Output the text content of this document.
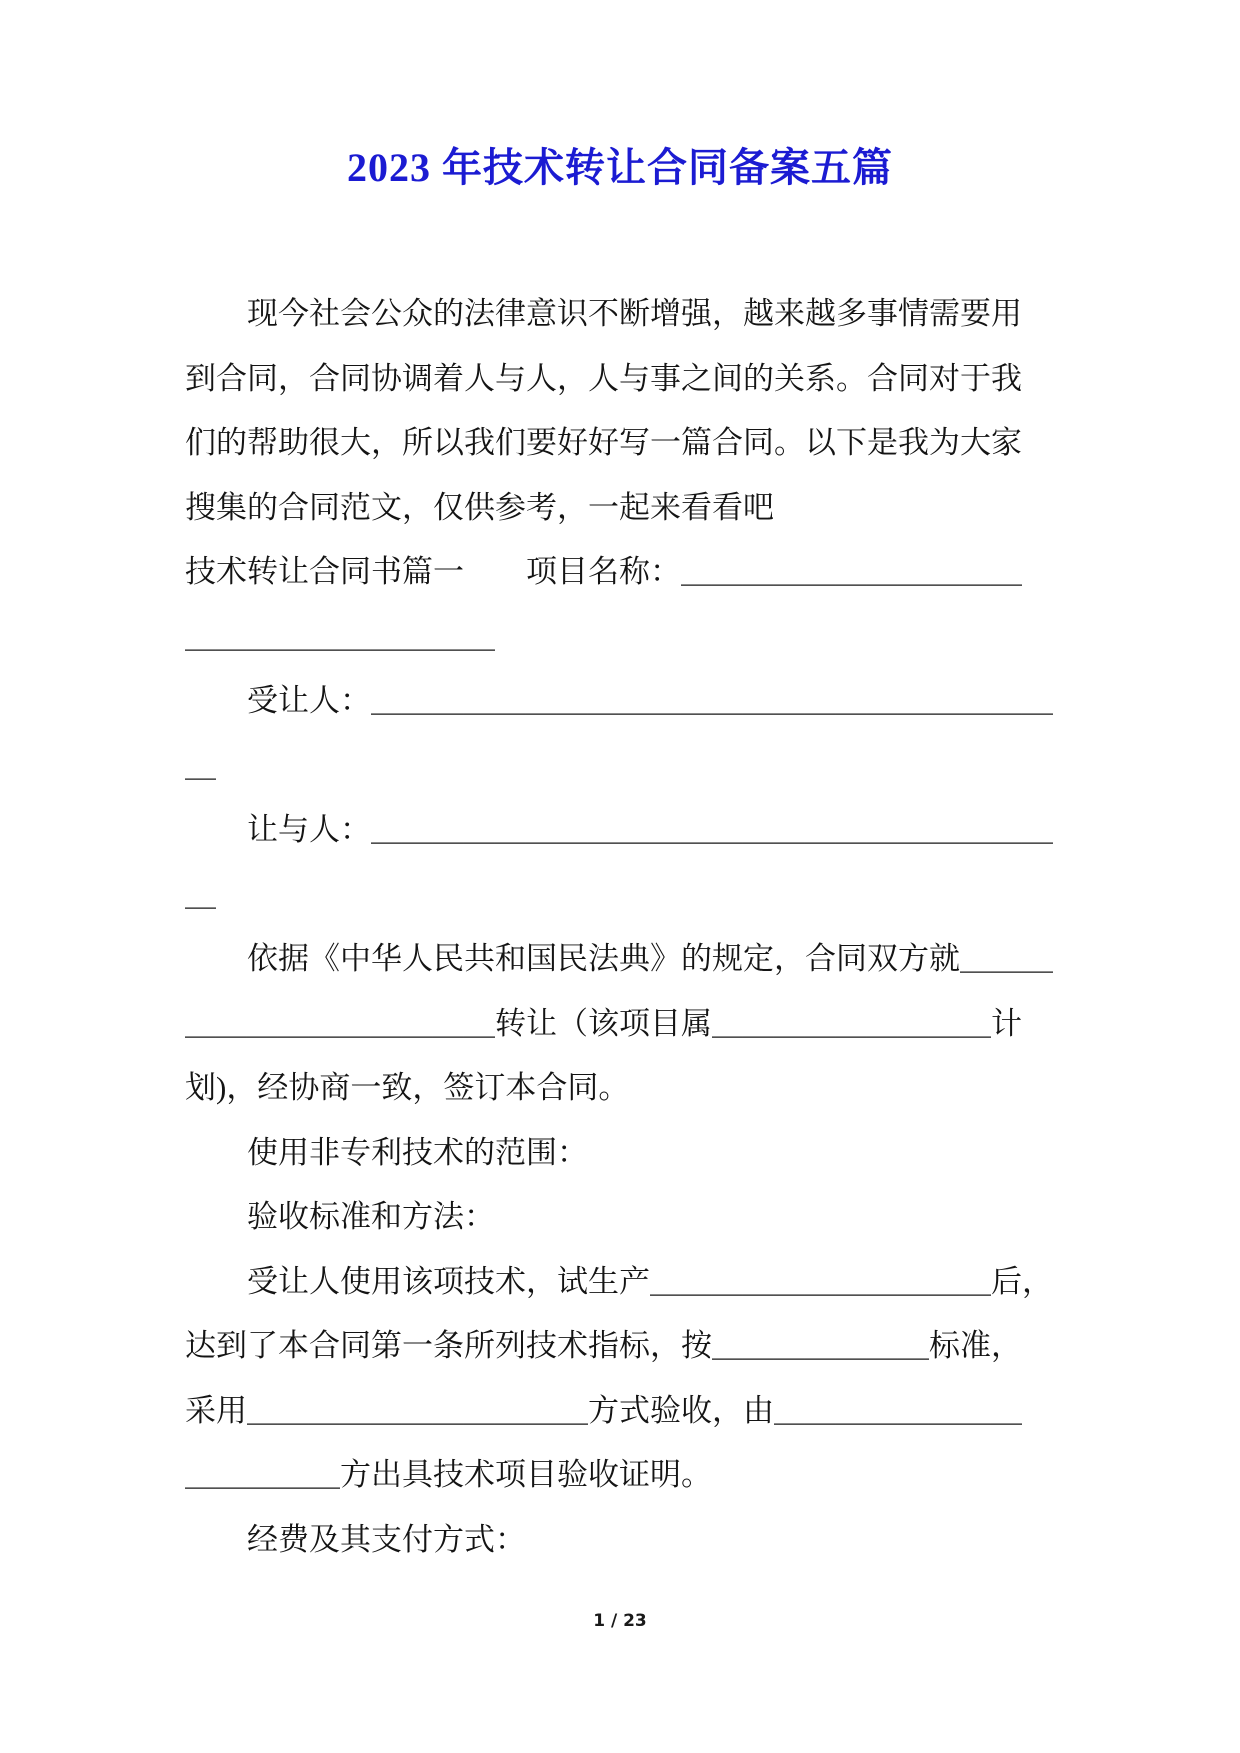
2023 年技术转让合同备案五篇

现今社会公众的法律意识不断增强，越来越多事情需要用

到合同，合同协调着人与人，人与事之间的关系。合同对于我

们的帮助很大，所以我们要好好写一篇合同。以下是我为大家

搜集的合同范文，仅供参考，一起来看看吧

技术转让合同书篇一　　项目名称：＿＿＿＿＿＿＿＿＿＿＿

＿＿＿＿＿＿＿＿＿＿

受让人：＿＿＿＿＿＿＿＿＿＿＿＿＿＿＿＿＿＿＿＿＿＿

＿

让与人：＿＿＿＿＿＿＿＿＿＿＿＿＿＿＿＿＿＿＿＿＿＿

＿

依据《中华人民共和国民法典》的规定，合同双方就＿＿＿

＿＿＿＿＿＿＿＿＿＿转让（该项目属＿＿＿＿＿＿＿＿＿计

划)，经协商一致，签订本合同。

使用非专利技术的范围：

验收标准和方法：

受让人使用该项技术，试生产＿＿＿＿＿＿＿＿＿＿＿后，

达到了本合同第一条所列技术指标，按＿＿＿＿＿＿＿标准，

采用＿＿＿＿＿＿＿＿＿＿＿方式验收，由＿＿＿＿＿＿＿＿

＿＿＿＿＿方出具技术项目验收证明。

经费及其支付方式：

1 / 23
